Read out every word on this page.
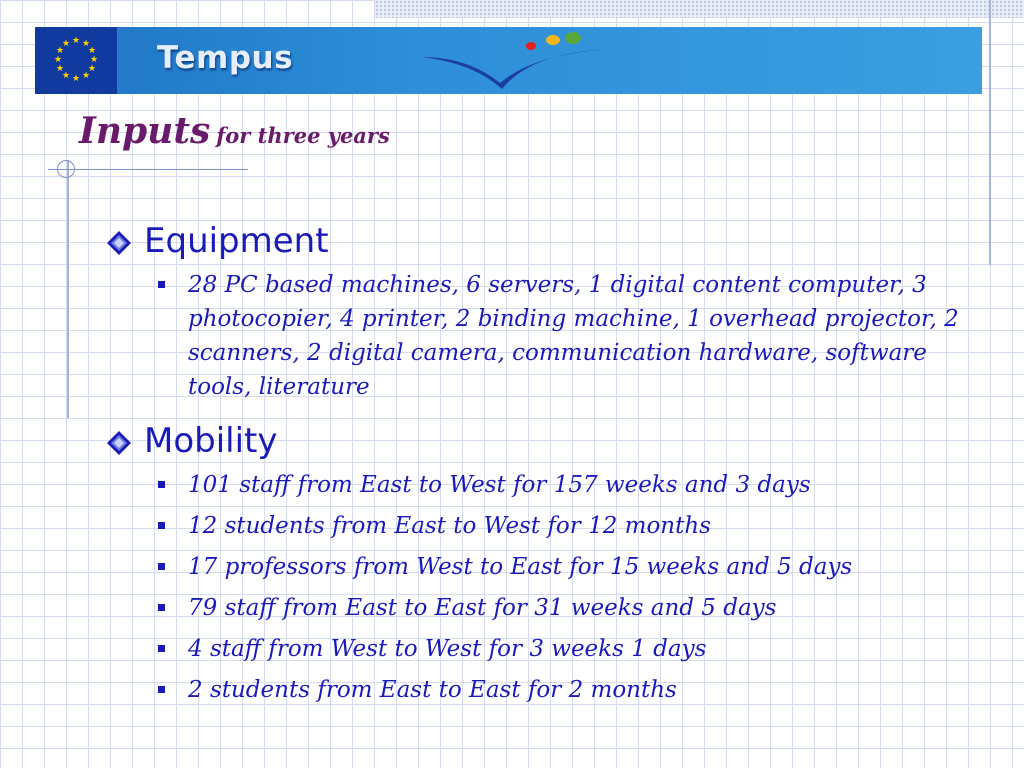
★ ★
★
★
★
★
★
★
★
★
★
★	Tempus
Inputs for three years
Equipment
28 PC based machines, 6 servers, 1 digital content computer, 3 photocopier, 4 printer, 2 binding machine, 1 overhead projector, 2 scanners, 2 digital camera, communication hardware, software tools, literature
Mobility
101 staff from East to West for 157 weeks and 3 days
12 students from East to West for 12 months
17 professors from West to East for 15 weeks and 5 days
79 staff from East to East for 31 weeks and 5 days
4 staff from West to West for 3 weeks 1 days
2 students from East to East for 2 months
